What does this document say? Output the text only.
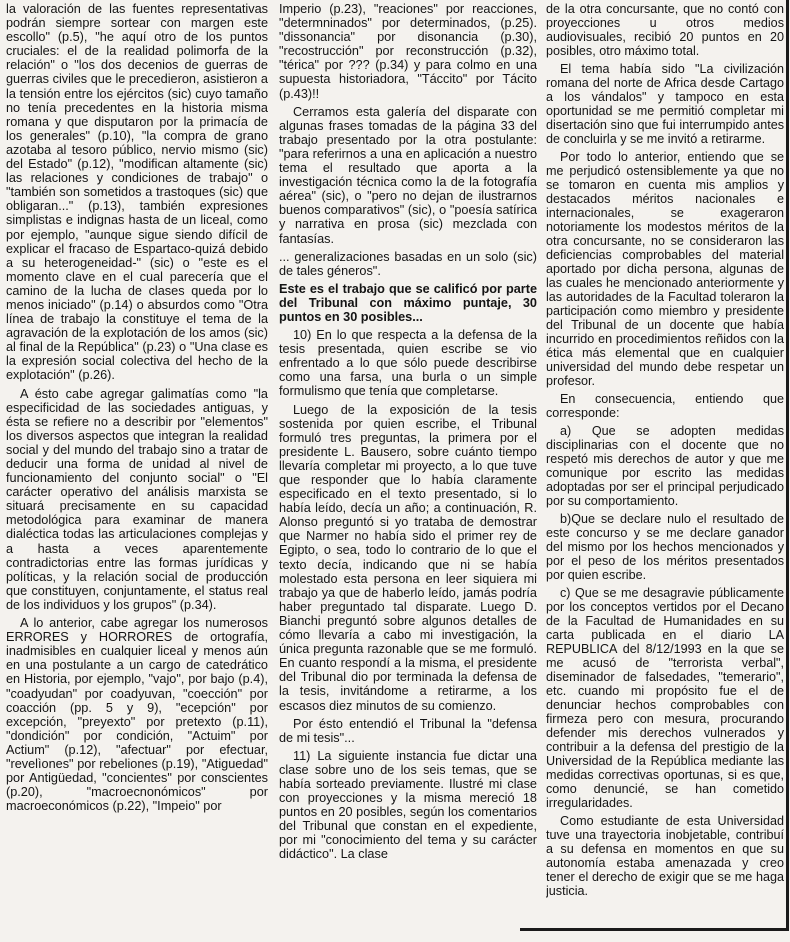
la valoración de las fuentes representativas podrán siempre sortear con margen este escollo" (p.5), "he aquí otro de los puntos cruciales: el de la realidad polimorfa de la relación" o "los dos decenios de guerras de guerras civiles que le precedieron, asistieron a la tensión entre los ejércitos (sic) cuyo tamaño no tenía precedentes en la historia misma romana y que disputaron por la primacía de los generales" (p.10), "la compra de grano azotaba al tesoro público, nervio mismo (sic) del Estado" (p.12), "modifican altamente (sic) las relaciones y condiciones de trabajo" o "también son sometidos a trastoques (sic) que obligaran..." (p.13), también expresiones simplistas e indignas hasta de un liceal, como por ejemplo, "aunque sigue siendo difícil de explicar el fracaso de Espartaco-quizá debido a su heterogeneidad-" (sic) o "este es el momento clave en el cual parecería que el camino de la lucha de clases queda por lo menos iniciado" (p.14) o absurdos como "Otra línea de trabajo la constituye el tema de la agravación de la explotación de los amos (sic) al final de la República" (p.23) o "Una clase es la expresión social colectiva del hecho de la explotación" (p.26).

A ésto cabe agregar galimatías como "la especificidad de las sociedades antiguas, y ésta se refiere no a describir por "elementos" los diversos aspectos que integran la realidad social y del mundo del trabajo sino a tratar de deducir una forma de unidad al nivel de funcionamiento del conjunto social" o "El carácter operativo del análisis marxista se situará precisamente en su capacidad metodológica para examinar de manera dialéctica todas las articulaciones complejas y a hasta a veces aparentemente contradictorias entre las formas jurídicas y políticas, y la relación social de producción que constituyen, conjuntamente, el status real de los individuos y los grupos" (p.34).

A lo anterior, cabe agregar los numerosos ERRORES y HORRORES de ortografía, inadmisibles en cualquier liceal y menos aún en una postulante a un cargo de catedrático en Historia, por ejemplo, "vajo", por bajo (p.4), "coadyudan" por coadyuvan, "coección" por coacción (pp. 5 y 9), "ecepción" por excepción, "preyexto" por pretexto (p.11), "dondición" por condición, "Actuim" por Actium" (p.12), "afectuar" por efectuar, "revelìones" por rebeliones (p.19), "Atiguedad" por Antigüedad, "concientes" por conscientes (p.20), "macroecnonómicos" por macroeconómicos (p.22), "Impeio" por

Imperio (p.23), "reaciones" por reacciones, "determninados" por determinados, (p.25). "dissonancia" por disonancia (p.30), "recostrucción" por reconstrucción (p.32), "térica" por ??? (p.34) y para colmo en una supuesta historiadora, "Táccito" por Tácito (p.43)!!

Cerramos esta galería del disparate con algunas frases tomadas de la página 33 del trabajo presentado por la otra postulante: "para referirnos a una en aplicación a nuestro tema el resultado que aporta a la investigación técnica como la de la fotografía aérea" (sic), o "pero no dejan de ilustrarnos buenos comparativos" (sic), o "poesía satírica y narrativa en prosa (sic) mezclada con fantasías.

... generalizaciones basadas en un solo (sic) de tales géneros".

Este es el trabajo que se calificó por parte del Tribunal con máximo puntaje, 30 puntos en 30 posibles...

10) En lo que respecta a la defensa de la tesis presentada, quien escribe se vio enfrentado a lo que sólo puede describirse como una farsa, una burla o un simple formulismo que tenía que completarse.

Luego de la exposición de la tesis sostenida por quien escribe, el Tribunal formuló tres preguntas, la primera por el presidente L. Bausero, sobre cuánto tiempo llevaría completar mi proyecto, a lo que tuve que responder que lo había claramente especificado en el texto presentado, si lo había leído, decía un año; a continuación, R. Alonso preguntó si yo trataba de demostrar que Narmer no había sido el primer rey de Egipto, o sea, todo lo contrario de lo que el texto decía, indicando que ni se había molestado esta persona en leer siquiera mi trabajo ya que de haberlo leído, jamás podría haber preguntado tal disparate. Luego D. Bianchi preguntó sobre algunos detalles de cómo llevaría a cabo mi investigación, la única pregunta razonable que se me formuló. En cuanto respondí a la misma, el presidente del Tribunal dio por terminada la defensa de la tesis, invitándome a retirarme, a los escasos diez minutos de su comienzo.

Por ésto entendió el Tribunal la "defensa de mi tesis"...

11) La siguiente instancia fue dictar una clase sobre uno de los seis temas, que se había sorteado previamente. Ilustré mi clase con proyecciones y la misma mereció 18 puntos en 20 posibles, según los comentarios del Tribunal que constan en el expediente, por mi "conocimiento del tema y su carácter didáctico". La clase

de la otra concursante, que no contó con proyecciones u otros medios audiovisuales, recibió 20 puntos en 20 posibles, otro máximo total.

El tema había sido "La civilización romana del norte de Africa desde Cartago a los vándalos" y tampoco en esta oportunidad se me permitió completar mi disertación sino que fui interrumpido antes de concluirla y se me invitó a retirarme.

Por todo lo anterior, entiendo que se me perjudicó ostensiblemente ya que no se tomaron en cuenta mis amplios y destacados méritos nacionales e internacionales, se exageraron notoriamente los modestos méritos de la otra concursante, no se consideraron las deficiencias comprobables del material aportado por dicha persona, algunas de las cuales he mencionado anteriormente y las autoridades de la Facultad toleraron la participación como miembro y presidente del Tribunal de un docente que había incurrido en procedimientos reñidos con la ética más elemental que en cualquier universidad del mundo debe respetar un profesor.

En consecuencia, entiendo que corresponde:

a) Que se adopten medidas disciplinarias con el docente que no respetó mis derechos de autor y que me comunique por escrito las medidas adoptadas por ser el principal perjudicado por su comportamiento.

b)Que se declare nulo el resultado de este concurso y se me declare ganador del mismo por los hechos mencionados y por el peso de los méritos presentados por quien escribe.

c) Que se me desagravie públicamente por los conceptos vertidos por el Decano de la Facultad de Humanidades en su carta publicada en el diario LA REPUBLICA del 8/12/1993 en la que se me acusó de "terrorista verbal", diseminador de falsedades, "temerario", etc. cuando mi propósito fue el de denunciar hechos comprobables con firmeza pero con mesura, procurando defender mis derechos vulnerados y contribuir a la defensa del prestigio de la Universidad de la República mediante las medidas correctivas oportunas, si es que, como denuncié, se han cometido irregularidades.

Como estudiante de esta Universidad tuve una trayectoria inobjetable, contribuí a su defensa en momentos en que su autonomía estaba amenazada y creo tener el derecho de exigir que se me haga justicia.
